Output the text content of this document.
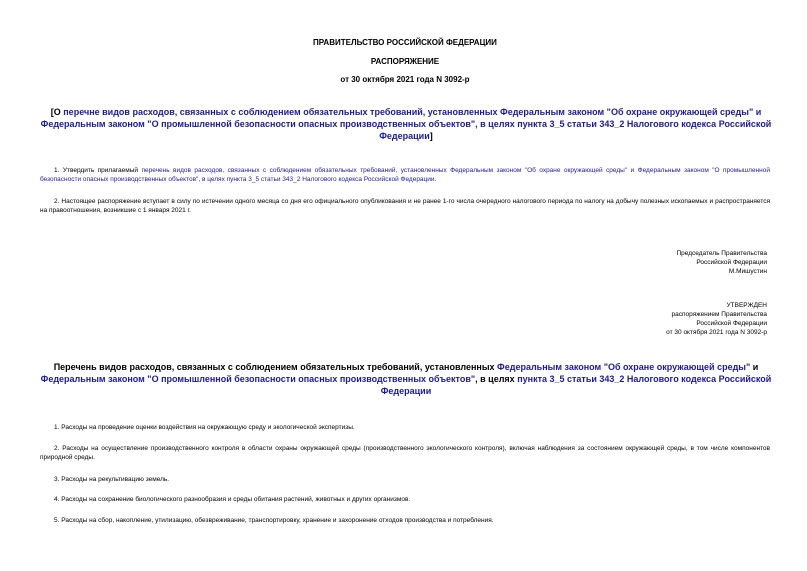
ПРАВИТЕЛЬСТВО РОССИЙСКОЙ ФЕДЕРАЦИИ
РАСПОРЯЖЕНИЕ
от 30 октября 2021 года N 3092-р
[О перечне видов расходов, связанных с соблюдением обязательных требований, установленных Федеральным законом "Об охране окружающей среды" и Федеральным законом "О промышленной безопасности опасных производственных объектов", в целях пункта 3_5 статьи 343_2 Налогового кодекса Российской Федерации]
1. Утвердить прилагаемый перечень видов расходов, связанных с соблюдением обязательных требований, установленных Федеральным законом "Об охране окружающей среды" и Федеральным законом "О промышленной безопасности опасных производственных объектов", в целях пункта 3_5 статьи 343_2 Налогового кодекса Российской Федерации.
2. Настоящее распоряжение вступает в силу по истечении одного месяца со дня его официального опубликования и не ранее 1-го числа очередного налогового периода по налогу на добычу полезных ископаемых и распространяется на правоотношения, возникшие с 1 января 2021 г.
Председатель Правительства
Российской Федерации
М.Мишустин
УТВЕРЖДЕН
распоряжением Правительства
Российской Федерации
от 30 октября 2021 года N 3092-р
Перечень видов расходов, связанных с соблюдением обязательных требований, установленных Федеральным законом "Об охране окружающей среды" и Федеральным законом "О промышленной безопасности опасных производственных объектов", в целях пункта 3_5 статьи 343_2 Налогового кодекса Российской Федерации
1. Расходы на проведение оценки воздействия на окружающую среду и экологической экспертизы.
2. Расходы на осуществление производственного контроля в области охраны окружающей среды (производственного экологического контроля), включая наблюдения за состоянием окружающей среды, в том числе компонентов природной среды.
3. Расходы на рекультивацию земель.
4. Расходы на сохранение биологического разнообразия и среды обитания растений, животных и других организмов.
5. Расходы на сбор, накопление, утилизацию, обезвреживание, транспортировку, хранение и захоронение отходов производства и потребления.
